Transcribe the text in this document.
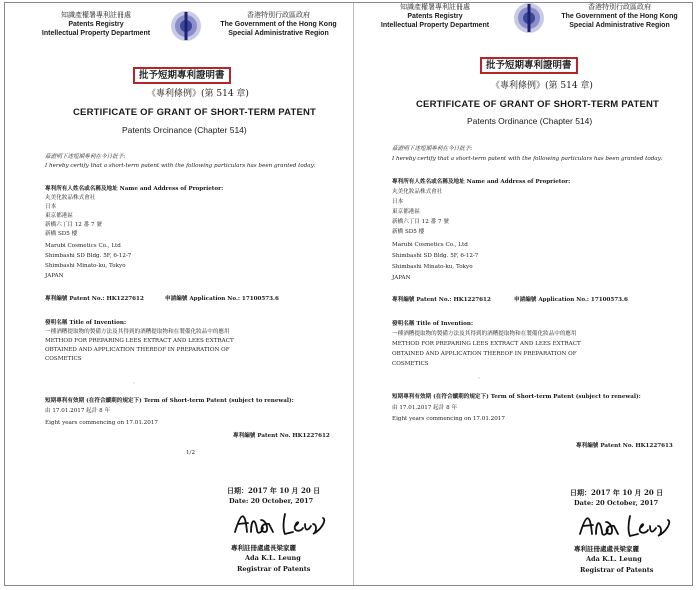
知識產權署專利註冊處
Patents Registry
Intellectual Property Department
香港特別行政區政府
The Government of the Hong Kong
Special Administrative Region
批予短期專利證明書
《專利條例》(第 514 章)
CERTIFICATE OF GRANT OF SHORT-TERM PATENT
Patents Orcinance (Chapter 514)
茲證明下述短期專利在今日批予:
I hereby certify that a short-term patent with the following particulars has been granted today:
專利所有人姓名或名稱及地址 Name and Address of Proprietor:
丸美化妝品株式會社
日本
東京都港區
新橋六丁目 12 番 7 號
新橋 SD5 樓
Marubi Cosmetics Co., Ltd
Shimbashi SD Bldg. 5F, 6-12-7
Shimbashi Minato-ku, Tokyo
JAPAN
專利編號 Patent No.: HK1227612	申請編號 Application No.: 17100573.6
發明名稱 Title of Invention:
一種酒糟提取物的製備方法及其得到的酒糟提取物和在製備化妝品中的應用
METHOD FOR PREPARING LEES EXTRACT AND LEES EXTRACT
OBTAINED AND APPLICATION THEREOF IN PREPARATION OF
COSMETICS
ˏ
短期專利有效期 (在符合續期的規定下) Term of Short-term Patent (subject to renewal):
由 17.01.2017 起計 8 年
Eight years commencing on 17.01.2017
專利編號 Patent No. HK1227612
1/2
日期：2017 年 10 月 20 日
Date: 20 October, 2017
專利註冊處處長梁家麗
Ada K.L. Leung
Registrar of Patents
知識產權署專利註冊處
Patents Registry
Intellectual Property Department
香港特別行政區政府
The Government of the Hong Kong
Special Administrative Region
批予短期專利證明書
《專利條例》(第 514 章)
CERTIFICATE OF GRANT OF SHORT-TERM PATENT
Patents Ordinance (Chapter 514)
茲證明下述短期專利在今日批予:
I hereby certify that a short-term patent with the following particulars has been granted today:
專利所有人姓名或名稱及地址 Name and Address of Proprietor:
丸美化妝品株式會社
日本
東京都港區
新橋六丁目 12 番 7 號
新橋 SD5 樓
Marubi Cosmetics Co., Ltd
Shimbashi SD Bldg. 5F, 6-12-7
Shimbashi Minato-ku, Tokyo
JAPAN
專利編號 Patent No.: HK1227612	申請編號 Application No.: 17100573.6
發明名稱 Title of Invention:
一種酒糟提取物的製備方法及其得到的酒糟提取物和在製備化妝品中的應用
METHOD FOR PREPARING LEES EXTRACT AND LEES EXTRACT
OBTAINED AND APPLICATION THEREOF IN PREPARATION OF
COSMETICS
ˏ
短期專利有效期 (在符合續期的規定下) Term of Short-term Patent (subject to renewal):
由 17.01.2017 起計 8 年
Eight years commencing on 17.01.2017
專利編號 Patent No. HK1227613
日期：2017 年 10 月 20 日
Date: 20 October, 2017
專利註冊處處長梁家麗
Ada K.L. Leung
Registrar of Patents
